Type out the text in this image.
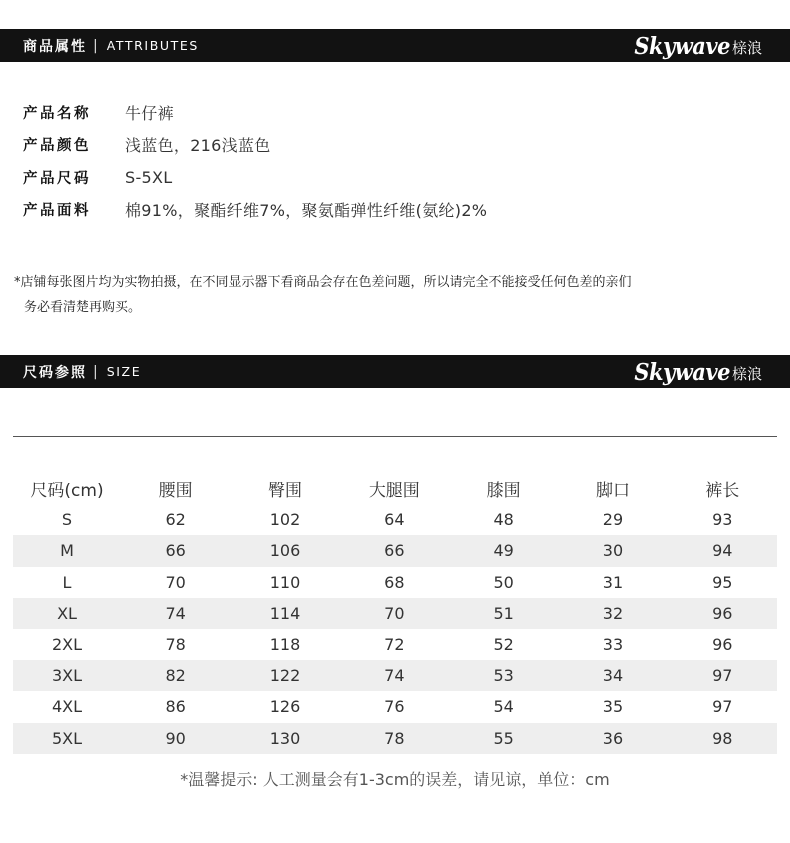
商品属性 | ATTRIBUTES	Skywave 榇浪
产品名称	牛仔裤
产品颜色	浅蓝色，216浅蓝色
产品尺码	S-5XL
产品面料	棉91%，聚酯纤维7%，聚氨酯弹性纤维(氨纶)2%
*店铺每张图片均为实物拍摄，在不同显示器下看商品会存在色差问题，所以请完全不能接受任何色差的亲们
务必看清楚再购买。
尺码参照 | SIZE	Skywave 榇浪
尺码(cm)	腰围	臀围	大腿围	膝围	脚口	裤长
S	62	102	64	48	29	93
M	66	106	66	49	30	94
L	70	110	68	50	31	95
XL	74	114	70	51	32	96
2XL	78	118	72	52	33	96
3XL	82	122	74	53	34	97
4XL	86	126	76	54	35	97
5XL	90	130	78	55	36	98
*温馨提示: 人工测量会有1-3cm的误差，请见谅，单位：cm
